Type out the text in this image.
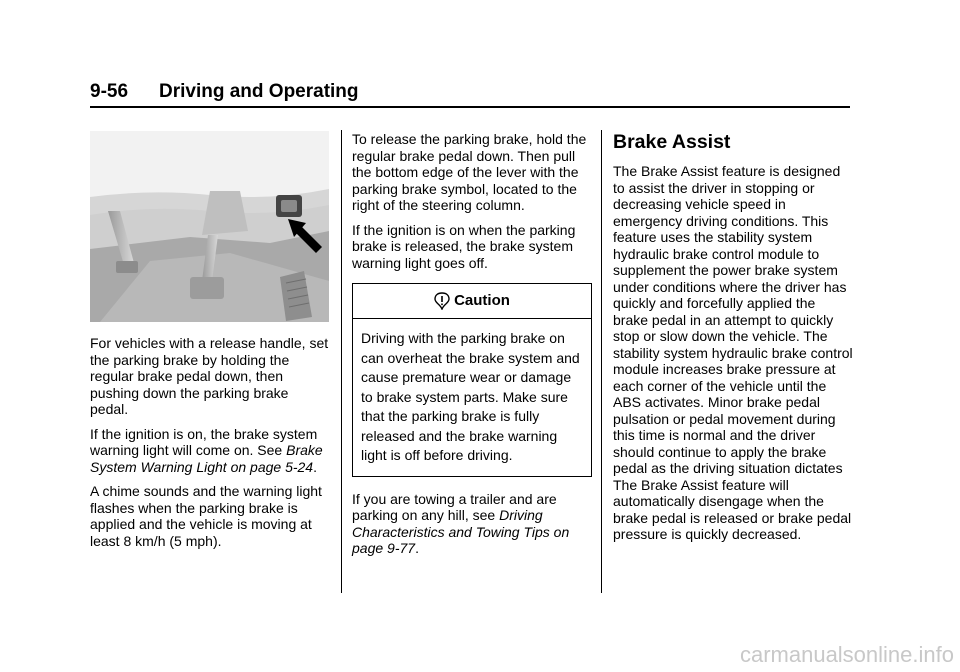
9-56 Driving and Operating

For vehicles with a release handle, set the parking brake by holding the regular brake pedal down, then pushing down the parking brake pedal.

If the ignition is on, the brake system warning light will come on. See Brake System Warning Light on page 5-24.

A chime sounds and the warning light flashes when the parking brake is applied and the vehicle is moving at least 8 km/h (5 mph).

To release the parking brake, hold the regular brake pedal down. Then pull the bottom edge of the lever with the parking brake symbol, located to the right of the steering column.

If the ignition is on when the parking brake is released, the brake system warning light goes off.

Caution
Driving with the parking brake on can overheat the brake system and cause premature wear or damage to brake system parts. Make sure that the parking brake is fully released and the brake warning light is off before driving.

If you are towing a trailer and are parking on any hill, see Driving Characteristics and Towing Tips on page 9-77.

Brake Assist

The Brake Assist feature is designed to assist the driver in stopping or decreasing vehicle speed in emergency driving conditions. This feature uses the stability system hydraulic brake control module to supplement the power brake system under conditions where the driver has quickly and forcefully applied the brake pedal in an attempt to quickly stop or slow down the vehicle. The stability system hydraulic brake control module increases brake pressure at each corner of the vehicle until the ABS activates. Minor brake pedal pulsation or pedal movement during this time is normal and the driver should continue to apply the brake pedal as the driving situation dictates The Brake Assist feature will automatically disengage when the brake pedal is released or brake pedal pressure is quickly decreased.

carmanualsonline.info
